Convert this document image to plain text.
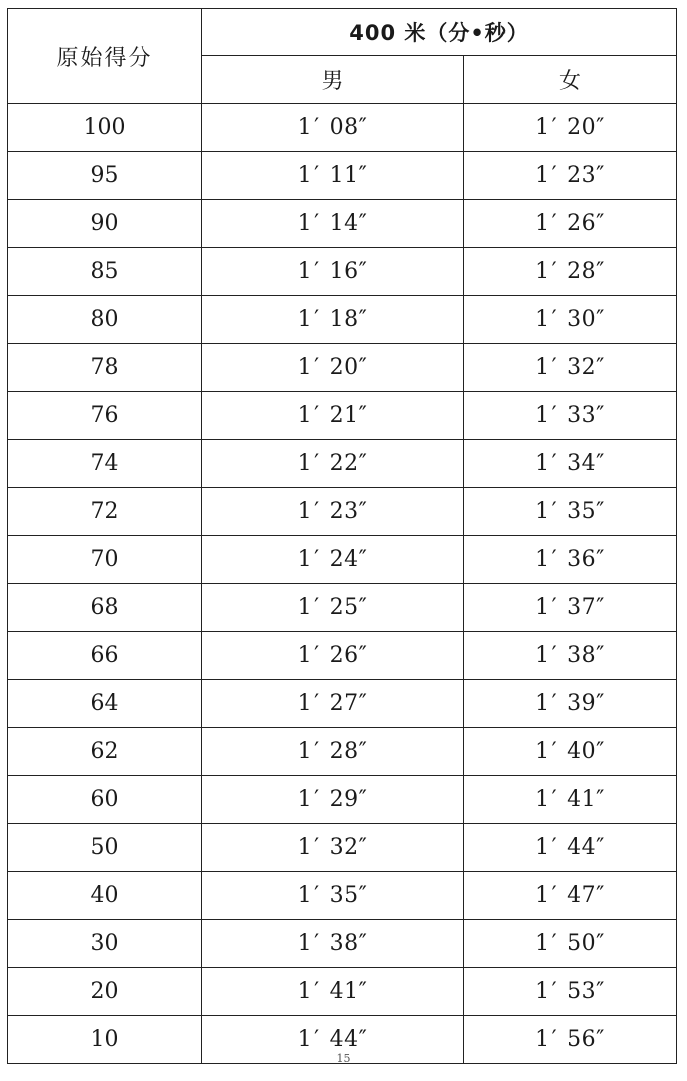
原始得分	400 米（分•秒）	
	男	女
100	1′ 08″	1′ 20″
95	1′ 11″	1′ 23″
90	1′ 14″	1′ 26″
85	1′ 16″	1′ 28″
80	1′ 18″	1′ 30″
78	1′ 20″	1′ 32″
76	1′ 21″	1′ 33″
74	1′ 22″	1′ 34″
72	1′ 23″	1′ 35″
70	1′ 24″	1′ 36″
68	1′ 25″	1′ 37″
66	1′ 26″	1′ 38″
64	1′ 27″	1′ 39″
62	1′ 28″	1′ 40″
60	1′ 29″	1′ 41″
50	1′ 32″	1′ 44″
40	1′ 35″	1′ 47″
30	1′ 38″	1′ 50″
20	1′ 41″	1′ 53″
10	1′ 44″	1′ 56″
15
